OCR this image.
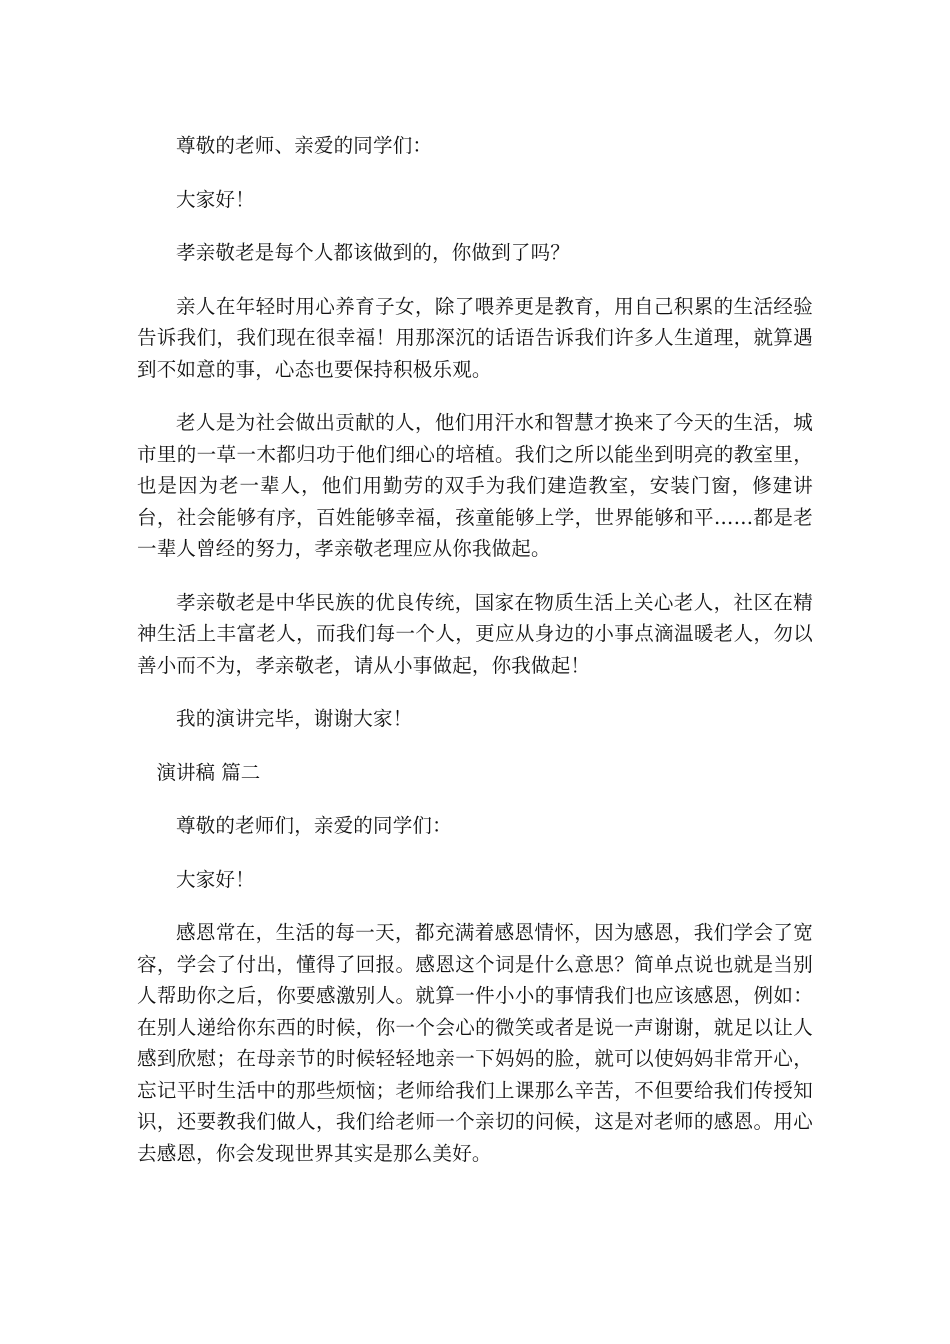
尊敬的老师、亲爱的同学们：

大家好！

孝亲敬老是每个人都该做到的，你做到了吗？

亲人在年轻时用心养育子女，除了喂养更是教育，用自己积累的生活经验告诉我们，我们现在很幸福！用那深沉的话语告诉我们许多人生道理，就算遇到不如意的事，心态也要保持积极乐观。

老人是为社会做出贡献的人，他们用汗水和智慧才换来了今天的生活，城市里的一草一木都归功于他们细心的培植。我们之所以能坐到明亮的教室里，也是因为老一辈人，他们用勤劳的双手为我们建造教室，安装门窗，修建讲台，社会能够有序，百姓能够幸福，孩童能够上学，世界能够和平……都是老一辈人曾经的努力，孝亲敬老理应从你我做起。

孝亲敬老是中华民族的优良传统，国家在物质生活上关心老人，社区在精神生活上丰富老人，而我们每一个人，更应从身边的小事点滴温暖老人，勿以善小而不为，孝亲敬老，请从小事做起，你我做起！

我的演讲完毕，谢谢大家！

演讲稿 篇二

尊敬的老师们，亲爱的同学们：

大家好！

感恩常在，生活的每一天，都充满着感恩情怀，因为感恩，我们学会了宽容，学会了付出，懂得了回报。感恩这个词是什么意思？简单点说也就是当别人帮助你之后，你要感激别人。就算一件小小的事情我们也应该感恩，例如：在别人递给你东西的时候，你一个会心的微笑或者是说一声谢谢，就足以让人感到欣慰；在母亲节的时候轻轻地亲一下妈妈的脸，就可以使妈妈非常开心，忘记平时生活中的那些烦恼；老师给我们上课那么辛苦，不但要给我们传授知识，还要教我们做人，我们给老师一个亲切的问候，这是对老师的感恩。用心去感恩，你会发现世界其实是那么美好。
